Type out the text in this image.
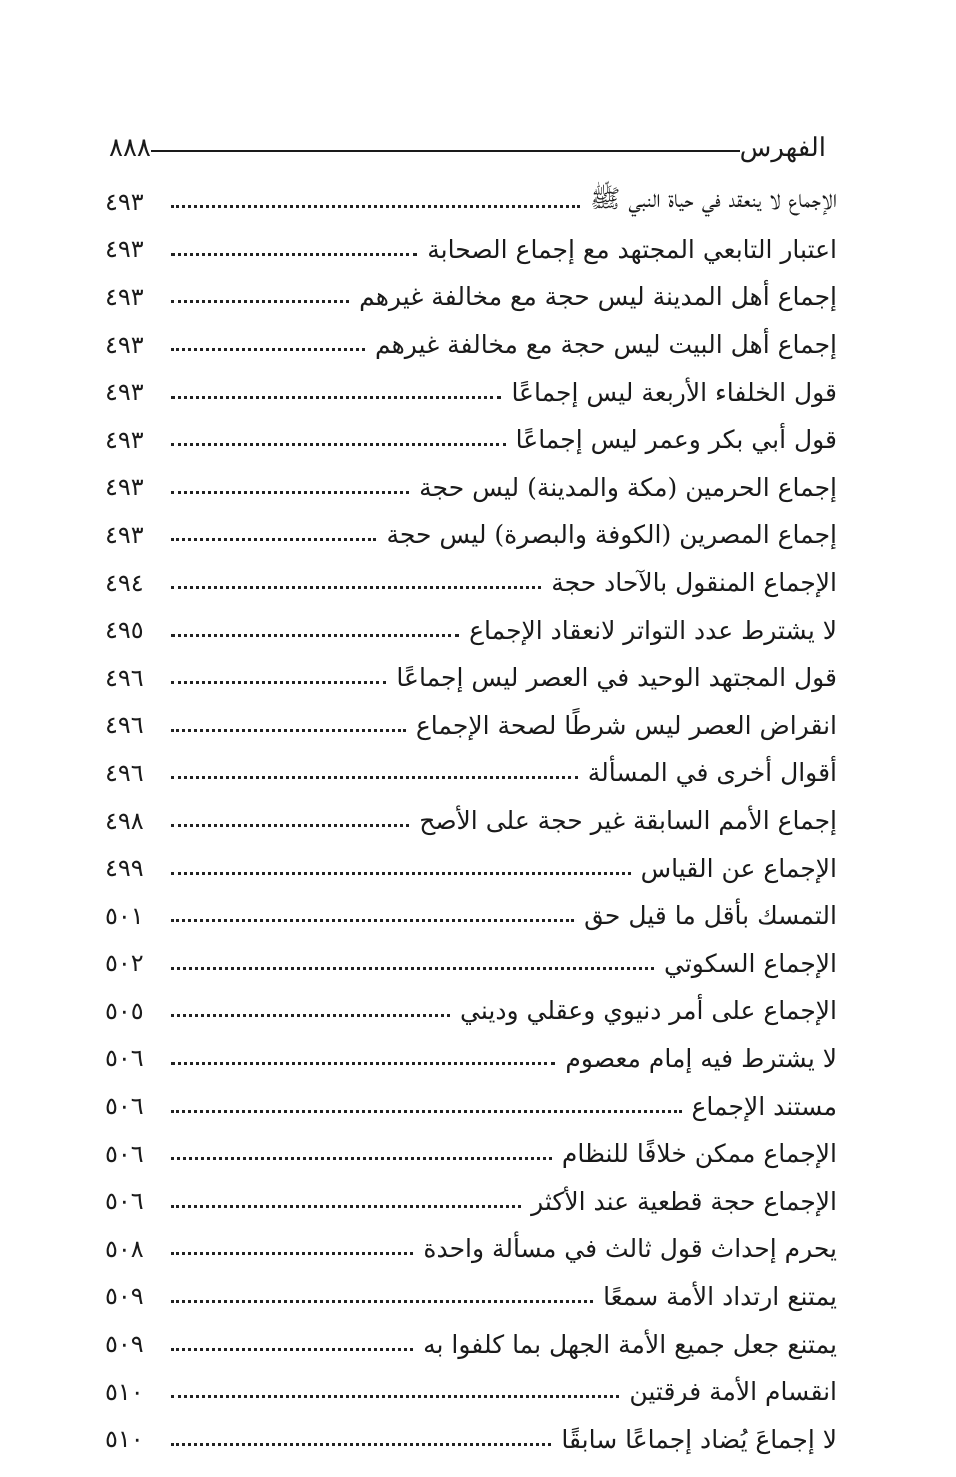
الفهرس
٨٨٨
الإجماع لا ينعقد في حياة النبي ﷺ
٤٩٣
اعتبار التابعي المجتهد مع إجماع الصحابة
٤٩٣
إجماع أهل المدينة ليس حجة مع مخالفة غيرهم
٤٩٣
إجماع أهل البيت ليس حجة مع مخالفة غيرهم
٤٩٣
قول الخلفاء الأربعة ليس إجماعًا
٤٩٣
قول أبي بكر وعمر ليس إجماعًا
٤٩٣
إجماع الحرمين (مكة والمدينة) ليس حجة
٤٩٣
إجماع المصرين (الكوفة والبصرة) ليس حجة
٤٩٣
الإجماع المنقول بالآحاد حجة
٤٩٤
لا يشترط عدد التواتر لانعقاد الإجماع
٤٩٥
قول المجتهد الوحيد في العصر ليس إجماعًا
٤٩٦
انقراض العصر ليس شرطًا لصحة الإجماع
٤٩٦
أقوال أخرى في المسألة
٤٩٦
إجماع الأمم السابقة غير حجة على الأصح
٤٩٨
الإجماع عن القياس
٤٩٩
التمسك بأقل ما قيل حق
٥٠١
الإجماع السكوتي
٥٠٢
الإجماع على أمر دنيوي وعقلي وديني
٥٠٥
لا يشترط فيه إمام معصوم
٥٠٦
مستند الإجماع
٥٠٦
الإجماع ممكن خلافًا للنظام
٥٠٦
الإجماع حجة قطعية عند الأكثر
٥٠٦
يحرم إحداث قول ثالث في مسألة واحدة
٥٠٨
يمتنع ارتداد الأمة سمعًا
٥٠٩
يمتنع جعل جميع الأمة الجهل بما كلفوا به
٥٠٩
انقسام الأمة فرقتين
٥١٠
لا إجماعَ يُضاد إجماعًا سابقًا
٥١٠
